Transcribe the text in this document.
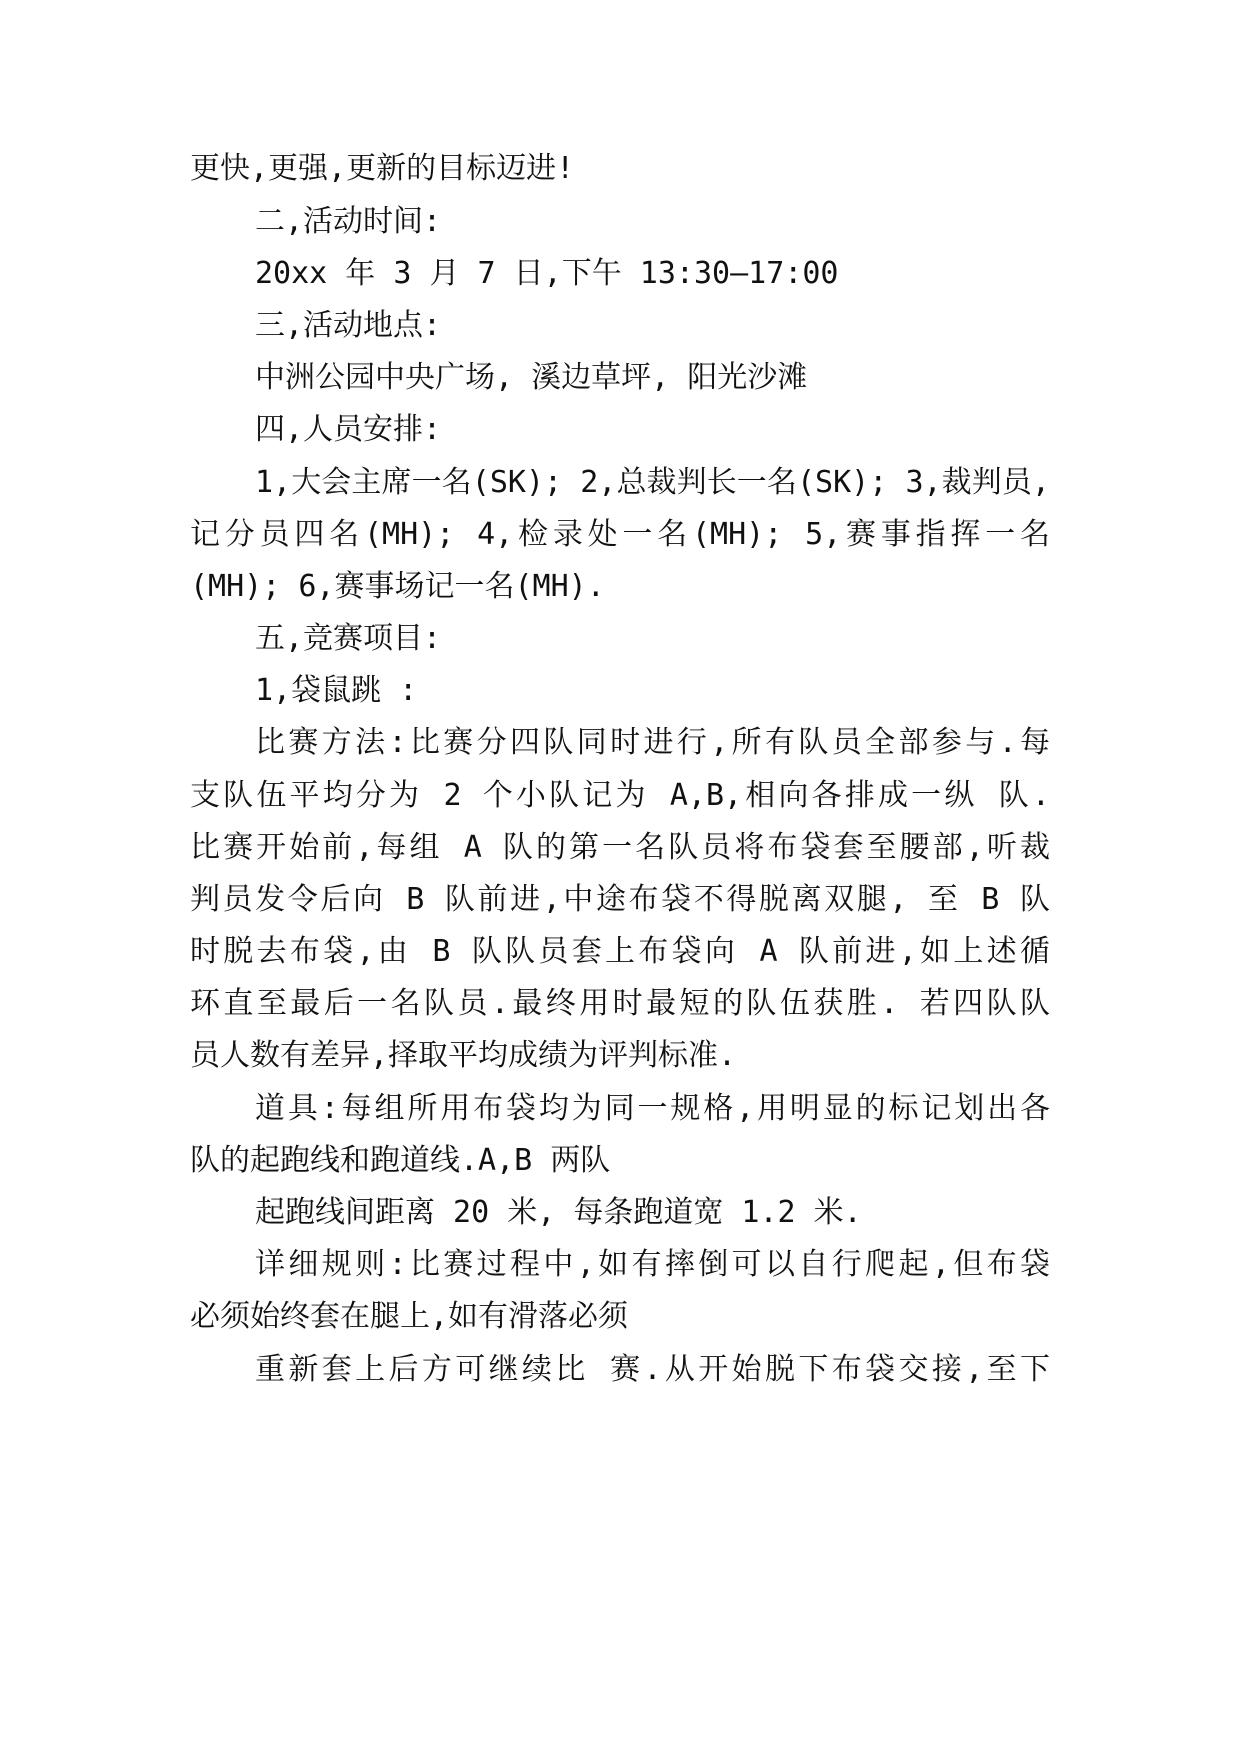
更快,更强,更新的目标迈进!
二,活动时间:
20xx 年 3 月 7 日,下午 13:30—17:00
三,活动地点:
中洲公园中央广场, 溪边草坪, 阳光沙滩
四,人员安排:
1,大会主席一名(SK); 2,总裁判长一名(SK); 3,裁判员,
记分员四名(MH); 4,检录处一名(MH); 5,赛事指挥一名
(MH); 6,赛事场记一名(MH).
五,竞赛项目:
1,袋鼠跳 :
比赛方法:比赛分四队同时进行,所有队员全部参与.每
支队伍平均分为 2 个小队记为 A,B,相向各排成一纵 队.
比赛开始前,每组 A 队的第一名队员将布袋套至腰部,听裁
判员发令后向 B 队前进,中途布袋不得脱离双腿, 至 B 队
时脱去布袋,由 B 队队员套上布袋向 A 队前进,如上述循
环直至最后一名队员.最终用时最短的队伍获胜. 若四队队
员人数有差异,择取平均成绩为评判标准.
道具:每组所用布袋均为同一规格,用明显的标记划出各
队的起跑线和跑道线.A,B 两队
起跑线间距离 20 米, 每条跑道宽 1.2 米.
详细规则:比赛过程中,如有摔倒可以自行爬起,但布袋
必须始终套在腿上,如有滑落必须
重新套上后方可继续比 赛.从开始脱下布袋交接,至下
